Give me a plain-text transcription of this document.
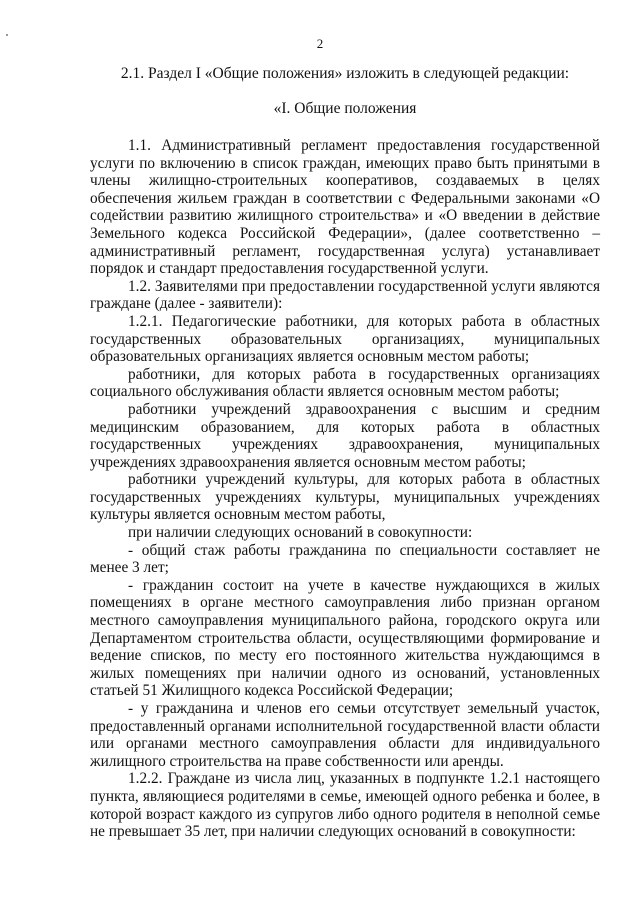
2
2.1. Раздел I «Общие положения» изложить в следующей редакции:
«I. Общие положения

1.1. Административный регламент предоставления государственной услуги по включению в список граждан, имеющих право быть принятыми в члены жилищно-строительных кооперативов, создаваемых в целях обеспечения жильем граждан в соответствии с Федеральными законами «О содействии развитию жилищного строительства» и «О введении в действие Земельного кодекса Российской Федерации», (далее соответственно – административный регламент, государственная услуга) устанавливает порядок и стандарт предоставления государственной услуги.

1.2. Заявителями при предоставлении государственной услуги являются граждане (далее - заявители):

1.2.1. Педагогические работники, для которых работа в областных государственных образовательных организациях, муниципальных образовательных организациях является основным местом работы;

работники, для которых работа в государственных организациях социального обслуживания области является основным местом работы;

работники учреждений здравоохранения с высшим и средним медицинским образованием, для которых работа в областных государственных учреждениях здравоохранения, муниципальных учреждениях здравоохранения является основным местом работы;

работники учреждений культуры, для которых работа в областных государственных учреждениях культуры, муниципальных учреждениях культуры является основным местом работы,

при наличии следующих оснований в совокупности:

- общий стаж работы гражданина по специальности составляет не менее 3 лет;

- гражданин состоит на учете в качестве нуждающихся в жилых помещениях в органе местного самоуправления либо признан органом местного самоуправления муниципального района, городского округа или Департаментом строительства области, осуществляющими формирование и ведение списков, по месту его постоянного жительства нуждающимся в жилых помещениях при наличии одного из оснований, установленных статьей 51 Жилищного кодекса Российской Федерации;

- у гражданина и членов его семьи отсутствует земельный участок, предоставленный органами исполнительной государственной власти области или органами местного самоуправления области для индивидуального жилищного строительства на праве собственности или аренды.

1.2.2. Граждане из числа лиц, указанных в подпункте 1.2.1 настоящего пункта, являющиеся родителями в семье, имеющей одного ребенка и более, в которой возраст каждого из супругов либо одного родителя в неполной семье не превышает 35 лет, при наличии следующих оснований в совокупности:
